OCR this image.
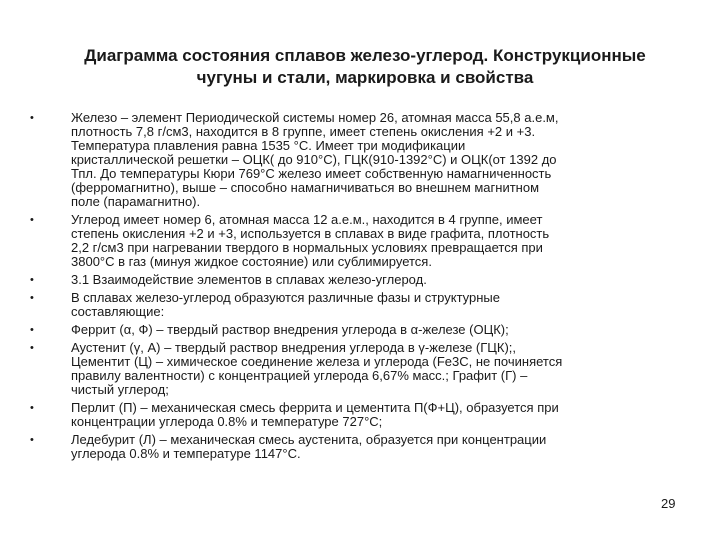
Диаграмма состояния сплавов железо-углерод. Конструкционные
чугуны и стали, маркировка и свойства
•	Железо – элемент Периодической системы номер 26, атомная масса 55,8 а.е.м,
плотность 7,8 г/см3, находится в 8 группе, имеет степень окисления +2 и +3.
Температура плавления равна 1535 °С. Имеет три модификации
кристаллической решетки – ОЦК( до 910°С), ГЦК(910-1392°С) и ОЦК(от 1392 до
Тпл. До температуры Кюри 769°С железо имеет собственную намагниченность
(ферромагнитно), выше – способно намагничиваться во внешнем магнитном
поле (парамагнитно).
•	Углерод имеет номер 6, атомная масса 12 а.е.м., находится в 4 группе, имеет
степень окисления +2 и +3, используется в сплавах в виде графита, плотность
2,2 г/см3 при нагревании твердого в нормальных условиях превращается при
3800°С в газ (минуя жидкое состояние) или сублимируется.
•	3.1 Взаимодействие элементов в сплавах железо-углерод.
•	В сплавах железо-углерод образуются различные фазы и структурные
составляющие:
•	Феррит (α, Ф) – твердый раствор внедрения углерода в α-железе (ОЦК);
•	Аустенит (γ, А) – твердый раствор внедрения углерода в γ-железе (ГЦК);,
Цементит (Ц) – химическое соединение железа и углерода (Fe3C, не починяется
правилу валентности) с концентрацией углерода 6,67% масс.; Графит (Г) –
чистый углерод;
•	Перлит (П) – механическая смесь феррита и цементита П(Ф+Ц), образуется при
концентрации углерода 0.8% и температуре 727°С;
•	Ледебурит (Л) – механическая смесь аустенита, образуется при концентрации
углерода 0.8% и температуре 1147°С.
29
